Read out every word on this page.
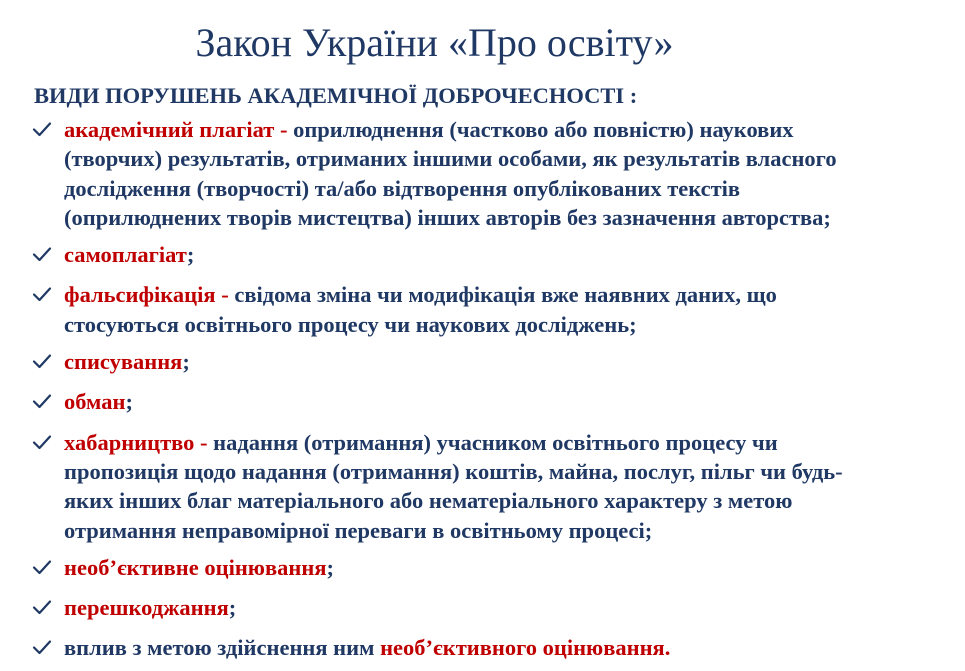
Закон України «Про освіту»

ВИДИ ПОРУШЕНЬ АКАДЕМІЧНОЇ ДОБРОЧЕСНОСТІ :

академічний плагіат - оприлюднення (частково або повністю) наукових
(творчих) результатів, отриманих іншими особами, як результатів власного
дослідження (творчості) та/або відтворення опублікованих текстів
(оприлюднених творів мистецтва) інших авторів без зазначення авторства;
самоплагіат;
фальсифікація - свідома зміна чи модифікація вже наявних даних, що
стосуються освітнього процесу чи наукових досліджень;
списування;
обман;
хабарництво - надання (отримання) учасником освітнього процесу чи
пропозиція щодо надання (отримання) коштів, майна, послуг, пільг чи будь-
яких інших благ матеріального або нематеріального характеру з метою
отримання неправомірної переваги в освітньому процесі;
необ’єктивне оцінювання;
перешкоджання;
вплив з метою здійснення ним необ’єктивного оцінювання.
